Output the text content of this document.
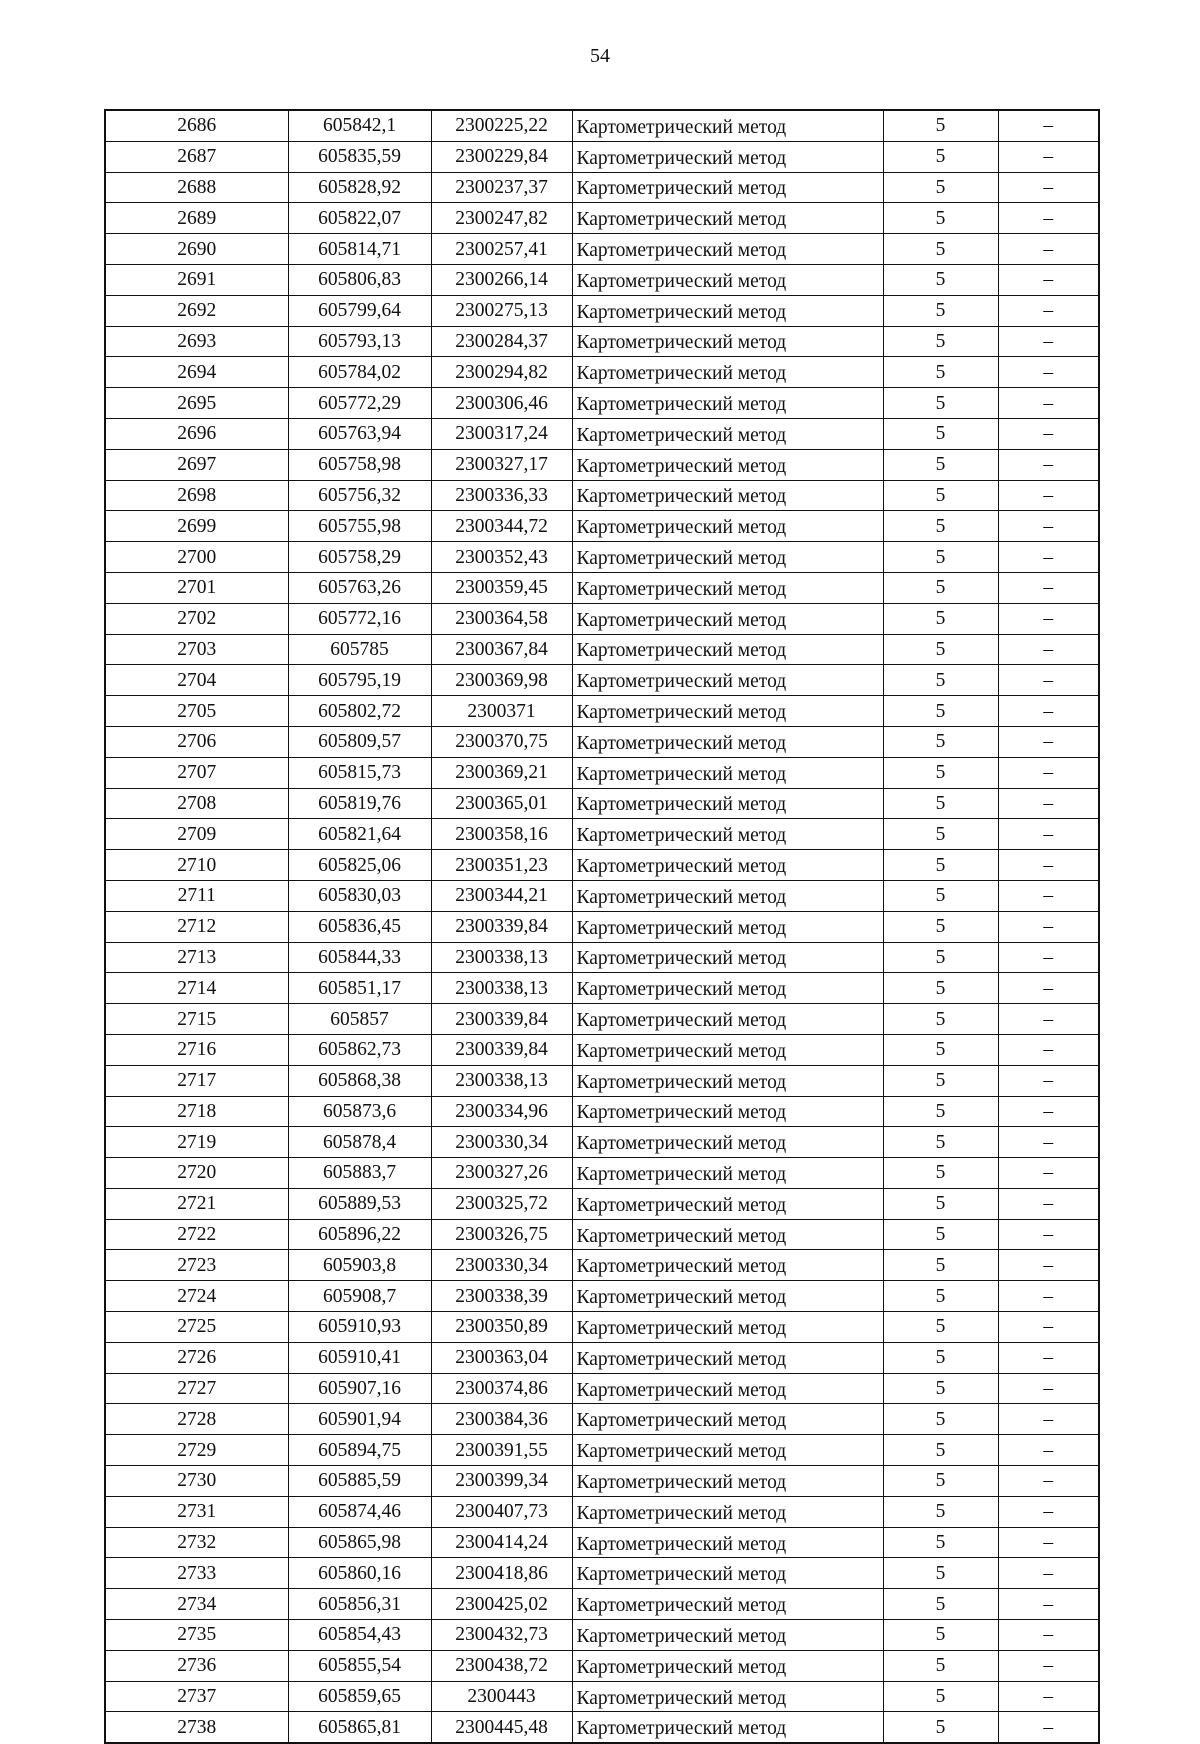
54
2686	605842,1	2300225,22	Картометрический метод	5	–
2687	605835,59	2300229,84	Картометрический метод	5	–
2688	605828,92	2300237,37	Картометрический метод	5	–
2689	605822,07	2300247,82	Картометрический метод	5	–
2690	605814,71	2300257,41	Картометрический метод	5	–
2691	605806,83	2300266,14	Картометрический метод	5	–
2692	605799,64	2300275,13	Картометрический метод	5	–
2693	605793,13	2300284,37	Картометрический метод	5	–
2694	605784,02	2300294,82	Картометрический метод	5	–
2695	605772,29	2300306,46	Картометрический метод	5	–
2696	605763,94	2300317,24	Картометрический метод	5	–
2697	605758,98	2300327,17	Картометрический метод	5	–
2698	605756,32	2300336,33	Картометрический метод	5	–
2699	605755,98	2300344,72	Картометрический метод	5	–
2700	605758,29	2300352,43	Картометрический метод	5	–
2701	605763,26	2300359,45	Картометрический метод	5	–
2702	605772,16	2300364,58	Картометрический метод	5	–
2703	605785	2300367,84	Картометрический метод	5	–
2704	605795,19	2300369,98	Картометрический метод	5	–
2705	605802,72	2300371	Картометрический метод	5	–
2706	605809,57	2300370,75	Картометрический метод	5	–
2707	605815,73	2300369,21	Картометрический метод	5	–
2708	605819,76	2300365,01	Картометрический метод	5	–
2709	605821,64	2300358,16	Картометрический метод	5	–
2710	605825,06	2300351,23	Картометрический метод	5	–
2711	605830,03	2300344,21	Картометрический метод	5	–
2712	605836,45	2300339,84	Картометрический метод	5	–
2713	605844,33	2300338,13	Картометрический метод	5	–
2714	605851,17	2300338,13	Картометрический метод	5	–
2715	605857	2300339,84	Картометрический метод	5	–
2716	605862,73	2300339,84	Картометрический метод	5	–
2717	605868,38	2300338,13	Картометрический метод	5	–
2718	605873,6	2300334,96	Картометрический метод	5	–
2719	605878,4	2300330,34	Картометрический метод	5	–
2720	605883,7	2300327,26	Картометрический метод	5	–
2721	605889,53	2300325,72	Картометрический метод	5	–
2722	605896,22	2300326,75	Картометрический метод	5	–
2723	605903,8	2300330,34	Картометрический метод	5	–
2724	605908,7	2300338,39	Картометрический метод	5	–
2725	605910,93	2300350,89	Картометрический метод	5	–
2726	605910,41	2300363,04	Картометрический метод	5	–
2727	605907,16	2300374,86	Картометрический метод	5	–
2728	605901,94	2300384,36	Картометрический метод	5	–
2729	605894,75	2300391,55	Картометрический метод	5	–
2730	605885,59	2300399,34	Картометрический метод	5	–
2731	605874,46	2300407,73	Картометрический метод	5	–
2732	605865,98	2300414,24	Картометрический метод	5	–
2733	605860,16	2300418,86	Картометрический метод	5	–
2734	605856,31	2300425,02	Картометрический метод	5	–
2735	605854,43	2300432,73	Картометрический метод	5	–
2736	605855,54	2300438,72	Картометрический метод	5	–
2737	605859,65	2300443	Картометрический метод	5	–
2738	605865,81	2300445,48	Картометрический метод	5	–
